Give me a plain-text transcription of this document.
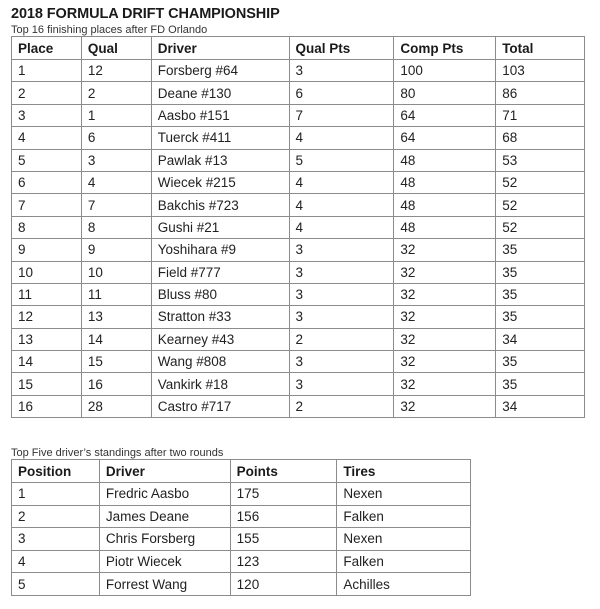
2018 FORMULA DRIFT CHAMPIONSHIP
Top 16 finishing places after FD Orlando
Place	Qual	Driver	Qual Pts	Comp Pts	Total
1	12	Forsberg #64	3	100	103
2	2	Deane #130	6	80	86
3	1	Aasbo #151	7	64	71
4	6	Tuerck #411	4	64	68
5	3	Pawlak #13	5	48	53
6	4	Wiecek #215	4	48	52
7	7	Bakchis #723	4	48	52
8	8	Gushi #21	4	48	52
9	9	Yoshihara #9	3	32	35
10	10	Field #777	3	32	35
11	11	Bluss #80	3	32	35
12	13	Stratton #33	3	32	35
13	14	Kearney #43	2	32	34
14	15	Wang #808	3	32	35
15	16	Vankirk #18	3	32	35
16	28	Castro #717	2	32	34
Top Five driver’s standings after two rounds
Position	Driver	Points	Tires
1	Fredric Aasbo	175	Nexen
2	James Deane	156	Falken
3	Chris Forsberg	155	Nexen
4	Piotr Wiecek	123	Falken
5	Forrest Wang	120	Achilles
